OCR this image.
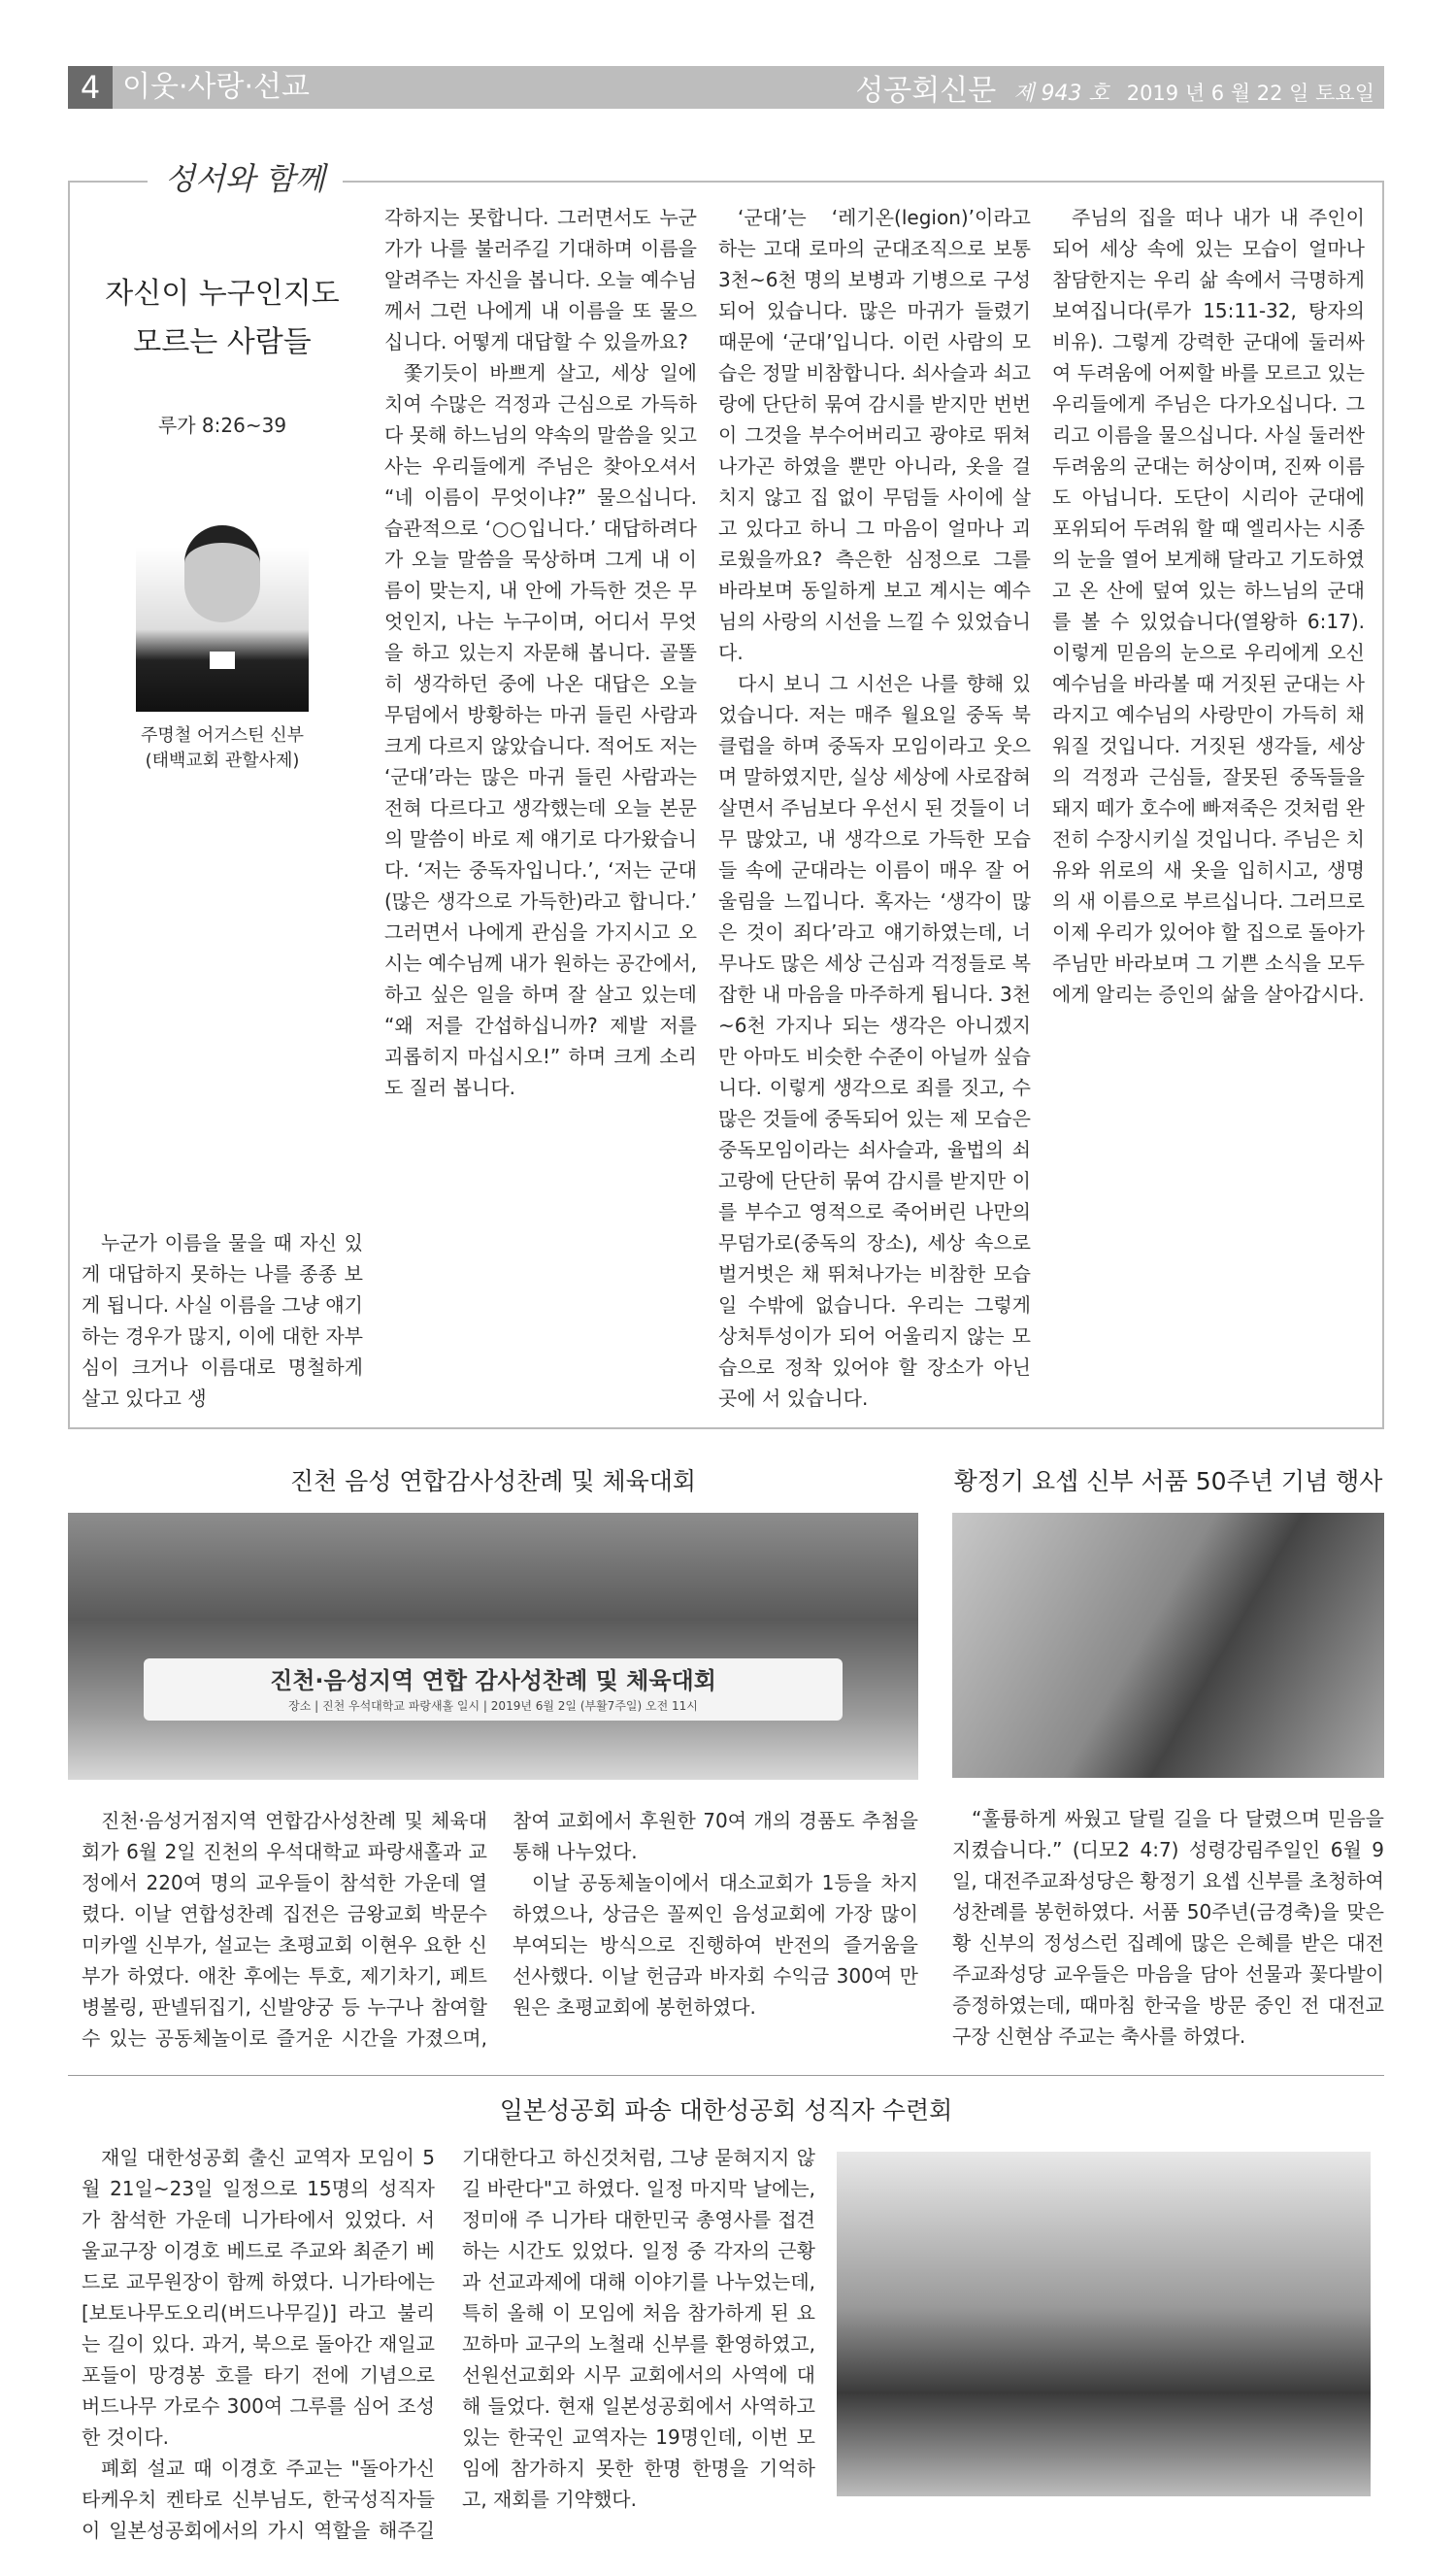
4 이웃·사랑·선교	성공회신문 제 943 호 2019 년 6 월 22 일 토요일
성서와 함께
자신이 누구인지도
모르는 사람들
루가 8:26~39
주명철 어거스틴 신부
(태백교회 관할사제)

누군가 이름을 물을 때 자신 있게 대답하지 못하는 나를 종종 보게 됩니다. 사실 이름을 그냥 얘기하는 경우가 많지, 이에 대한 자부심이 크거나 이름대로 명철하게 살고 있다고 생

각하지는 못합니다. 그러면서도 누군가가 나를 불러주길 기대하며 이름을 알려주는 자신을 봅니다. 오늘 예수님께서 그런 나에게 내 이름을 또 물으십니다. 어떻게 대답할 수 있을까요?

쫓기듯이 바쁘게 살고, 세상 일에 치여 수많은 걱정과 근심으로 가득하다 못해 하느님의 약속의 말씀을 잊고 사는 우리들에게 주님은 찾아오셔서 “네 이름이 무엇이냐?” 물으십니다. 습관적으로 ‘○○입니다.’ 대답하려다가 오늘 말씀을 묵상하며 그게 내 이름이 맞는지, 내 안에 가득한 것은 무엇인지, 나는 누구이며, 어디서 무엇을 하고 있는지 자문해 봅니다. 골똘히 생각하던 중에 나온 대답은 오늘 무덤에서 방황하는 마귀 들린 사람과 크게 다르지 않았습니다. 적어도 저는 ‘군대’라는 많은 마귀 들린 사람과는 전혀 다르다고 생각했는데 오늘 본문의 말씀이 바로 제 얘기로 다가왔습니다. ‘저는 중독자입니다.’, ‘저는 군대(많은 생각으로 가득한)라고 합니다.’ 그러면서 나에게 관심을 가지시고 오시는 예수님께 내가 원하는 공간에서, 하고 싶은 일을 하며 잘 살고 있는데 “왜 저를 간섭하십니까? 제발 저를 괴롭히지 마십시오!” 하며 크게 소리도 질러 봅니다.

‘군대’는 ‘레기온(legion)’이라고 하는 고대 로마의 군대조직으로 보통 3천~6천 명의 보병과 기병으로 구성되어 있습니다. 많은 마귀가 들렸기 때문에 ‘군대’입니다. 이런 사람의 모습은 정말 비참합니다. 쇠사슬과 쇠고랑에 단단히 묶여 감시를 받지만 번번이 그것을 부수어버리고 광야로 뛰쳐나가곤 하였을 뿐만 아니라, 옷을 걸치지 않고 집 없이 무덤들 사이에 살고 있다고 하니 그 마음이 얼마나 괴로웠을까요? 측은한 심정으로 그를 바라보며 동일하게 보고 계시는 예수님의 사랑의 시선을 느낄 수 있었습니다.

다시 보니 그 시선은 나를 향해 있었습니다. 저는 매주 월요일 중독 북클럽을 하며 중독자 모임이라고 웃으며 말하였지만, 실상 세상에 사로잡혀 살면서 주님보다 우선시 된 것들이 너무 많았고, 내 생각으로 가득한 모습들 속에 군대라는 이름이 매우 잘 어울림을 느낍니다. 혹자는 ‘생각이 많은 것이 죄다’라고 얘기하였는데, 너무나도 많은 세상 근심과 걱정들로 복잡한 내 마음을 마주하게 됩니다. 3천~6천 가지나 되는 생각은 아니겠지만 아마도 비슷한 수준이 아닐까 싶습니다. 이렇게 생각으로 죄를 짓고, 수많은 것들에 중독되어 있는 제 모습은 중독모임이라는 쇠사슬과, 율법의 쇠고랑에 단단히 묶여 감시를 받지만 이를 부수고 영적으로 죽어버린 나만의 무덤가로(중독의 장소), 세상 속으로 벌거벗은 채 뛰쳐나가는 비참한 모습일 수밖에 없습니다. 우리는 그렇게 상처투성이가 되어 어울리지 않는 모습으로 정착 있어야 할 장소가 아닌 곳에 서 있습니다.

주님의 집을 떠나 내가 내 주인이 되어 세상 속에 있는 모습이 얼마나 참담한지는 우리 삶 속에서 극명하게 보여집니다(루가 15:11-32, 탕자의 비유). 그렇게 강력한 군대에 둘러싸여 두려움에 어찌할 바를 모르고 있는 우리들에게 주님은 다가오십니다. 그리고 이름을 물으십니다. 사실 둘러싼 두려움의 군대는 허상이며, 진짜 이름도 아닙니다. 도단이 시리아 군대에 포위되어 두려워 할 때 엘리사는 시종의 눈을 열어 보게해 달라고 기도하였고 온 산에 덮여 있는 하느님의 군대를 볼 수 있었습니다(열왕하 6:17). 이렇게 믿음의 눈으로 우리에게 오신 예수님을 바라볼 때 거짓된 군대는 사라지고 예수님의 사랑만이 가득히 채워질 것입니다. 거짓된 생각들, 세상의 걱정과 근심들, 잘못된 중독들을 돼지 떼가 호수에 빠져죽은 것처럼 완전히 수장시키실 것입니다. 주님은 치유와 위로의 새 옷을 입히시고, 생명의 새 이름으로 부르십니다. 그러므로 이제 우리가 있어야 할 집으로 돌아가 주님만 바라보며 그 기쁜 소식을 모두에게 알리는 증인의 삶을 살아갑시다.

진천 음성 연합감사성찬례 및 체육대회
진천·음성지역 연합 감사성찬례 및 체육대회
장소 | 진천 우석대학교 파랑새홀 일시 | 2019년 6월 2일 (부활7주일) 오전 11시

진천·음성거점지역 연합감사성찬례 및 체육대회가 6월 2일 진천의 우석대학교 파랑새홀과 교정에서 220여 명의 교우들이 참석한 가운데 열렸다. 이날 연합성찬례 집전은 금왕교회 박문수 미카엘 신부가, 설교는 초평교회 이현우 요한 신부가 하였다. 애찬 후에는 투호, 제기차기, 페트병볼링, 판넬뒤집기, 신발양궁 등 누구나 참여할 수 있는 공동체놀이로 즐거운 시간을 가졌으며, 참여 교회에서 후원한 70여 개의 경품도 추첨을 통해 나누었다.

이날 공동체놀이에서 대소교회가 1등을 차지하였으나, 상금은 꼴찌인 음성교회에 가장 많이 부여되는 방식으로 진행하여 반전의 즐거움을 선사했다. 이날 헌금과 바자회 수익금 300여 만 원은 초평교회에 봉헌하였다.

황정기 요셉 신부 서품 50주년 기념 행사

“훌륭하게 싸웠고 달릴 길을 다 달렸으며 믿음을 지켰습니다.” (디모2 4:7) 성령강림주일인 6월 9일, 대전주교좌성당은 황정기 요셉 신부를 초청하여 성찬례를 봉헌하였다. 서품 50주년(금경축)을 맞은 황 신부의 정성스런 집례에 많은 은혜를 받은 대전주교좌성당 교우들은 마음을 담아 선물과 꽃다발이 증정하였는데, 때마침 한국을 방문 중인 전 대전교구장 신현삼 주교는 축사를 하였다.

일본성공회 파송 대한성공회 성직자 수련회

재일 대한성공회 출신 교역자 모임이 5월 21일~23일 일정으로 15명의 성직자가 참석한 가운데 니가타에서 있었다. 서울교구장 이경호 베드로 주교와 최준기 베드로 교무원장이 함께 하였다. 니가타에는 [보토나무도오리(버드나무길)] 라고 불리는 길이 있다. 과거, 북으로 돌아간 재일교포들이 망경봉 호를 타기 전에 기념으로 버드나무 가로수 300여 그루를 심어 조성한 것이다.

폐회 설교 때 이경호 주교는 "돌아가신 타케우치 켄타로 신부님도, 한국성직자들이 일본성공회에서의 가시 역할을 해주길 기대한다고 하신것처럼, 그냥 묻혀지지 않길 바란다"고 하였다. 일정 마지막 날에는, 정미애 주 니가타 대한민국 총영사를 접견하는 시간도 있었다. 일정 중 각자의 근황과 선교과제에 대해 이야기를 나누었는데, 특히 올해 이 모임에 처음 참가하게 된 요꼬하마 교구의 노철래 신부를 환영하였고, 선원선교회와 시무 교회에서의 사역에 대해 들었다. 현재 일본성공회에서 사역하고 있는 한국인 교역자는 19명인데, 이번 모임에 참가하지 못한 한명 한명을 기억하고, 재회를 기약했다.
